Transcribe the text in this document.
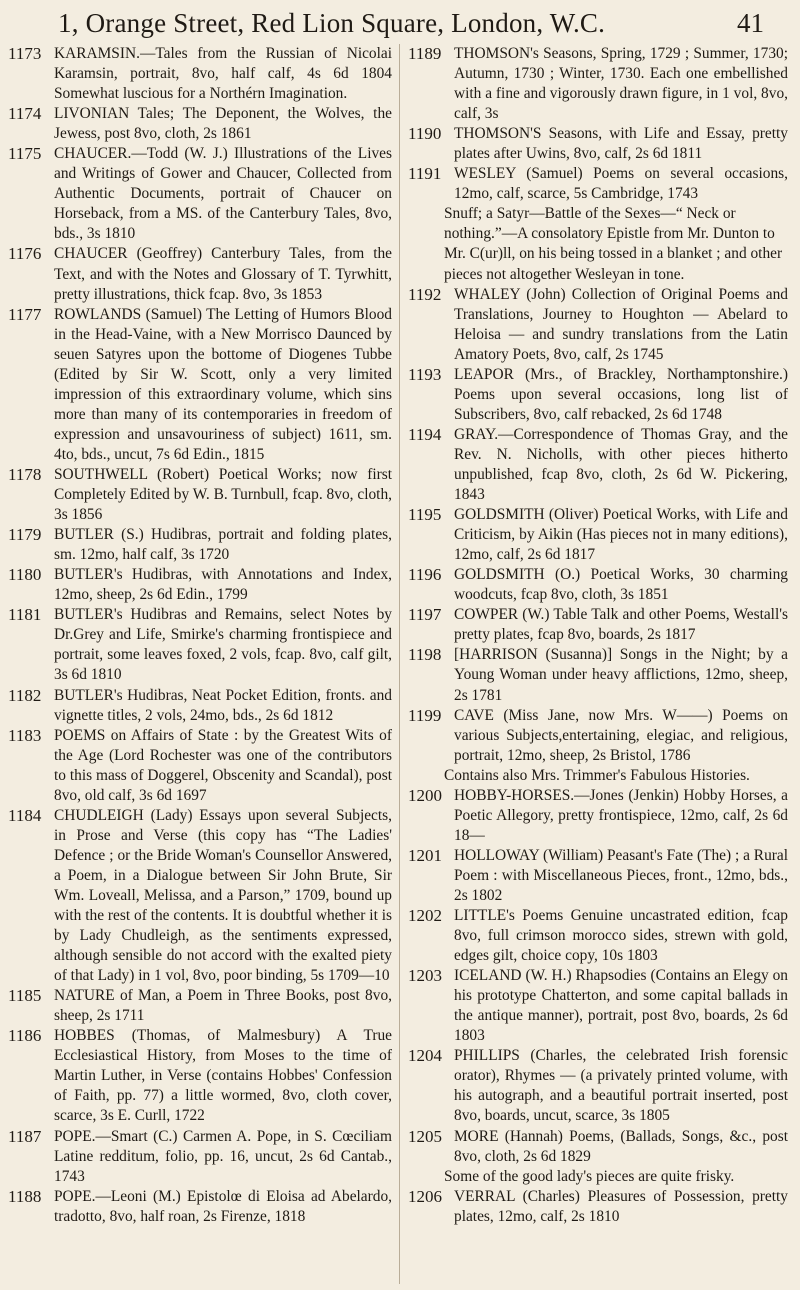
1, Orange Street, Red Lion Square, London, W.C.	41
1173 KARAMSIN.—Tales from the Russian of Nicolai Karamsin, portrait, 8vo, half calf, 4s 6d 1804 Somewhat luscious for a Northérn Imagination.
1174 LIVONIAN Tales; The Deponent, the Wolves, the Jewess, post 8vo, cloth, 2s 1861
1175 CHAUCER.—Todd (W. J.) Illustrations of the Lives and Writings of Gower and Chaucer, Collected from Authentic Documents, portrait of Chaucer on Horseback, from a MS. of the Canterbury Tales, 8vo, bds., 3s 1810
1176 CHAUCER (Geoffrey) Canterbury Tales, from the Text, and with the Notes and Glossary of T. Tyrwhitt, pretty illustrations, thick fcap. 8vo, 3s 1853
1177 ROWLANDS (Samuel) The Letting of Humors Blood in the Head-Vaine, with a New Morrisco Daunced by seuen Satyres upon the bottome of Diogenes Tubbe (Edited by Sir W. Scott, only a very limited impression of this extraordinary volume, which sins more than many of its contemporaries in freedom of expression and unsavouriness of subject) 1611, sm. 4to, bds., uncut, 7s 6d Edin., 1815
1178 SOUTHWELL (Robert) Poetical Works; now first Completely Edited by W. B. Turnbull, fcap. 8vo, cloth, 3s 1856
1179 BUTLER (S.) Hudibras, portrait and folding plates, sm. 12mo, half calf, 3s 1720
1180 BUTLER's Hudibras, with Annotations and Index, 12mo, sheep, 2s 6d Edin., 1799
1181 BUTLER's Hudibras and Remains, select Notes by Dr.Grey and Life, Smirke's charming frontispiece and portrait, some leaves foxed, 2 vols, fcap. 8vo, calf gilt, 3s 6d 1810
1182 BUTLER's Hudibras, Neat Pocket Edition, fronts. and vignette titles, 2 vols, 24mo, bds., 2s 6d 1812
1183 POEMS on Affairs of State : by the Greatest Wits of the Age (Lord Rochester was one of the contributors to this mass of Doggerel, Obscenity and Scandal), post 8vo, old calf, 3s 6d 1697
1184 CHUDLEIGH (Lady) Essays upon several Subjects, in Prose and Verse (this copy has “The Ladies' Defence ; or the Bride Woman's Counsellor Answered, a Poem, in a Dialogue between Sir John Brute, Sir Wm. Loveall, Melissa, and a Parson,” 1709, bound up with the rest of the contents. It is doubtful whether it is by Lady Chudleigh, as the sentiments expressed, although sensible do not accord with the exalted piety of that Lady) in 1 vol, 8vo, poor binding, 5s 1709—10
1185 NATURE of Man, a Poem in Three Books, post 8vo, sheep, 2s 1711
1186 HOBBES (Thomas, of Malmesbury) A True Ecclesiastical History, from Moses to the time of Martin Luther, in Verse (contains Hobbes' Confession of Faith, pp. 77) a little wormed, 8vo, cloth cover, scarce, 3s E. Curll, 1722
1187 POPE.—Smart (C.) Carmen A. Pope, in S. Cœciliam Latine redditum, folio, pp. 16, uncut, 2s 6d Cantab., 1743
1188 POPE.—Leoni (M.) Epistolœ di Eloisa ad Abelardo, tradotto, 8vo, half roan, 2s Firenze, 1818
1189 THOMSON's Seasons, Spring, 1729 ; Summer, 1730; Autumn, 1730 ; Winter, 1730. Each one embellished with a fine and vigorously drawn figure, in 1 vol, 8vo, calf, 3s
1190 THOMSON'S Seasons, with Life and Essay, pretty plates after Uwins, 8vo, calf, 2s 6d 1811
1191 WESLEY (Samuel) Poems on several occasions, 12mo, calf, scarce, 5s Cambridge, 1743
Snuff; a Satyr—Battle of the Sexes—“ Neck or nothing.”—A consolatory Epistle from Mr. Dunton to Mr. C(ur)ll, on his being tossed in a blanket ; and other pieces not altogether Wesleyan in tone.
1192 WHALEY (John) Collection of Original Poems and Translations, Journey to Houghton — Abelard to Heloisa — and sundry translations from the Latin Amatory Poets, 8vo, calf, 2s 1745
1193 LEAPOR (Mrs., of Brackley, Northamptonshire.) Poems upon several occasions, long list of Subscribers, 8vo, calf rebacked, 2s 6d 1748
1194 GRAY.—Correspondence of Thomas Gray, and the Rev. N. Nicholls, with other pieces hitherto unpublished, fcap 8vo, cloth, 2s 6d W. Pickering, 1843
1195 GOLDSMITH (Oliver) Poetical Works, with Life and Criticism, by Aikin (Has pieces not in many editions), 12mo, calf, 2s 6d 1817
1196 GOLDSMITH (O.) Poetical Works, 30 charming woodcuts, fcap 8vo, cloth, 3s 1851
1197 COWPER (W.) Table Talk and other Poems, Westall's pretty plates, fcap 8vo, boards, 2s 1817
1198 [HARRISON (Susanna)] Songs in the Night; by a Young Woman under heavy afflictions, 12mo, sheep, 2s 1781
1199 CAVE (Miss Jane, now Mrs. W——) Poems on various Subjects,entertaining, elegiac, and religious, portrait, 12mo, sheep, 2s Bristol, 1786
Contains also Mrs. Trimmer's Fabulous Histories.
1200 HOBBY-HORSES.—Jones (Jenkin) Hobby Horses, a Poetic Allegory, pretty frontispiece, 12mo, calf, 2s 6d 18—
1201 HOLLOWAY (William) Peasant's Fate (The) ; a Rural Poem : with Miscellaneous Pieces, front., 12mo, bds., 2s 1802
1202 LITTLE's Poems Genuine uncastrated edition, fcap 8vo, full crimson morocco sides, strewn with gold, edges gilt, choice copy, 10s 1803
1203 ICELAND (W. H.) Rhapsodies (Contains an Elegy on his prototype Chatterton, and some capital ballads in the antique manner), portrait, post 8vo, boards, 2s 6d 1803
1204 PHILLIPS (Charles, the celebrated Irish forensic orator), Rhymes — (a privately printed volume, with his autograph, and a beautiful portrait inserted, post 8vo, boards, uncut, scarce, 3s 1805
1205 MORE (Hannah) Poems, (Ballads, Songs, &c., post 8vo, cloth, 2s 6d 1829
Some of the good lady's pieces are quite frisky.
1206 VERRAL (Charles) Pleasures of Possession, pretty plates, 12mo, calf, 2s 1810
